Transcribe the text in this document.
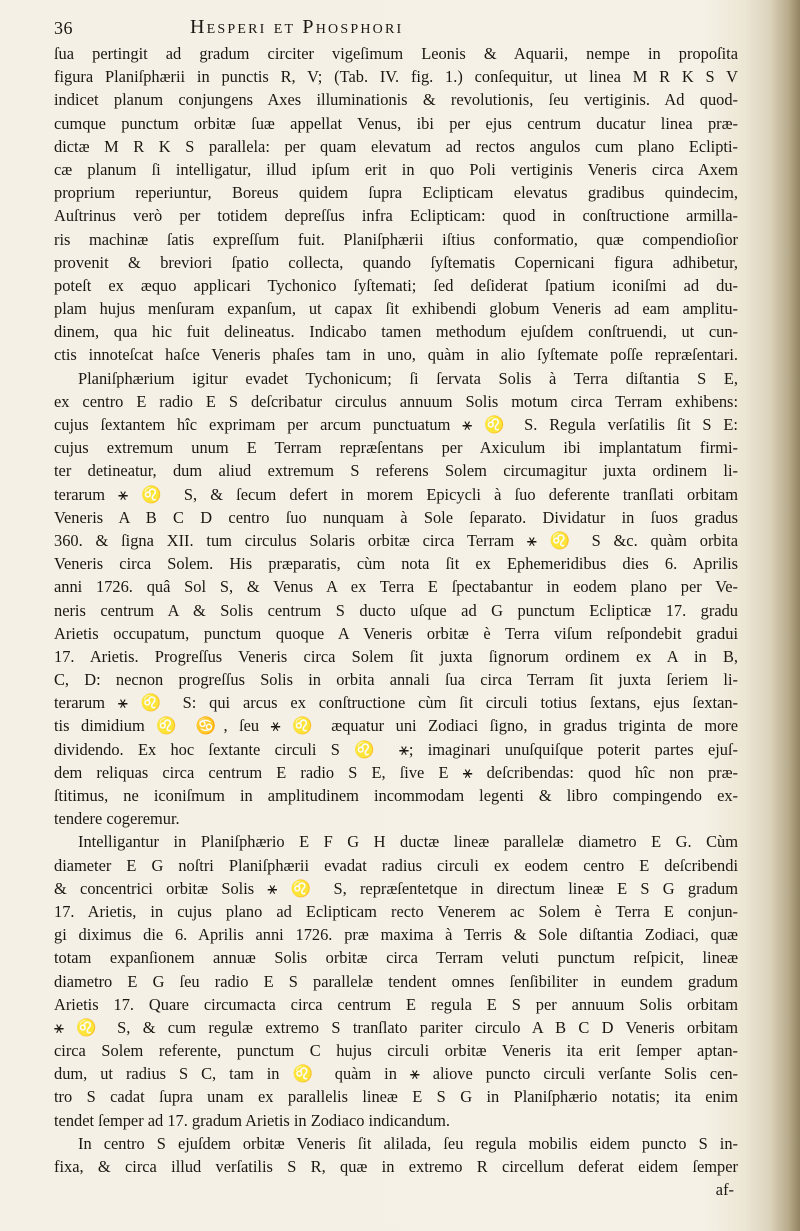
36	Hesperi et Phosphori
ſua pertingit ad gradum circiter vigeſimum Leonis & Aquarii, nempe in propoſita
figura Planiſphærii in punctis R, V; (Tab. IV. fig. 1.) conſequitur, ut linea M R K S V
indicet planum conjungens Axes illuminationis & revolutionis, ſeu vertiginis. Ad quod-
cumque punctum orbitæ ſuæ appellat Venus, ibi per ejus centrum ducatur linea præ-
dictæ M R K S parallela: per quam elevatum ad rectos angulos cum plano Eclipti-
cæ planum ſi intelligatur, illud ipſum erit in quo Poli vertiginis Veneris circa Axem
proprium reperiuntur, Boreus quidem ſupra Eclipticam elevatus gradibus quindecim,
Auſtrinus verò per totidem depreſſus infra Eclipticam: quod in conſtructione armilla-
ris machinæ ſatis expreſſum fuit. Planiſphærii iſtius conformatio, quæ compendioſior
provenit & breviori ſpatio collecta, quando ſyſtematis Copernicani figura adhibetur,
poteſt ex æquo applicari Tychonico ſyſtemati; ſed deſiderat ſpatium iconiſmi ad du-
plam hujus menſuram expanſum, ut capax ſit exhibendi globum Veneris ad eam amplitu-
dinem, qua hic fuit delineatus. Indicabo tamen methodum ejuſdem conſtruendi, ut cun-
ctis innoteſcat haſce Veneris phaſes tam in uno, quàm in alio ſyſtemate poſſe repræſentari.
Planiſphærium igitur evadet Tychonicum; ſi ſervata Solis à Terra diſtantia S E,
ex centro E radio E S deſcribatur circulus annuum Solis motum circa Terram exhibens:
cujus ſextantem hîc exprimam per arcum punctuatum ⚹ ♌ S. Regula verſatilis ſit S E:
cujus extremum unum E Terram repræſentans per Axiculum ibi implantatum firmi-
ter detineatur, dum aliud extremum S referens Solem circumagitur juxta ordinem li-
terarum ⚹ ♌ S, & ſecum defert in morem Epicycli à ſuo deferente tranſlati orbitam
Veneris A B C D centro ſuo nunquam à Sole ſeparato. Dividatur in ſuos gradus
360. & ſigna XII. tum circulus Solaris orbitæ circa Terram ⚹ ♌ S &c. quàm orbita
Veneris circa Solem. His præparatis, cùm nota ſit ex Ephemeridibus dies 6. Aprilis
anni 1726. quâ Sol S, & Venus A ex Terra E ſpectabantur in eodem plano per Ve-
neris centrum A & Solis centrum S ducto uſque ad G punctum Eclipticæ 17. gradu
Arietis occupatum, punctum quoque A Veneris orbitæ è Terra viſum reſpondebit gradui
17. Arietis. Progreſſus Veneris circa Solem ſit juxta ſignorum ordinem ex A in B,
C, D: necnon progreſſus Solis in orbita annali ſua circa Terram ſit juxta ſeriem li-
terarum ⚹ ♌ S: qui arcus ex conſtructione cùm ſit circuli totius ſextans, ejus ſextan-
tis dimidium ♌ ♋, ſeu ⚹ ♌ æquatur uni Zodiaci ſigno, in gradus triginta de more
dividendo. Ex hoc ſextante circuli S ♌ ⚹; imaginari unuſquiſque poterit partes ejuſ-
dem reliquas circa centrum E radio S E, ſive E ⚹ deſcribendas: quod hîc non præ-
ſtitimus, ne iconiſmum in amplitudinem incommodam legenti & libro compingendo ex-
tendere cogeremur.
Intelligantur in Planiſphærio E F G H ductæ lineæ parallelæ diametro E G. Cùm
diameter E G noſtri Planiſphærii evadat radius circuli ex eodem centro E deſcribendi
& concentrici orbitæ Solis ⚹ ♌ S, repræſentetque in directum lineæ E S G gradum
17. Arietis, in cujus plano ad Eclipticam recto Venerem ac Solem è Terra E conjun-
gi diximus die 6. Aprilis anni 1726. præ maxima à Terris & Sole diſtantia Zodiaci, quæ
totam expanſionem annuæ Solis orbitæ circa Terram veluti punctum reſpicit, lineæ
diametro E G ſeu radio E S parallelæ tendent omnes ſenſibiliter in eundem gradum
Arietis 17. Quare circumacta circa centrum E regula E S per annuum Solis orbitam
⚹ ♌ S, & cum regulæ extremo S tranſlato pariter circulo A B C D Veneris orbitam
circa Solem referente, punctum C hujus circuli orbitæ Veneris ita erit ſemper aptan-
dum, ut radius S C, tam in ♌ quàm in ⚹ aliove puncto circuli verſante Solis cen-
tro S cadat ſupra unam ex parallelis lineæ E S G in Planiſphærio notatis; ita enim
tendet ſemper ad 17. gradum Arietis in Zodiaco indicandum.
In centro S ejuſdem orbitæ Veneris ſit alilada, ſeu regula mobilis eidem puncto S in-
fixa, & circa illud verſatilis S R, quæ in extremo R circellum deferat eidem ſemper
af-
